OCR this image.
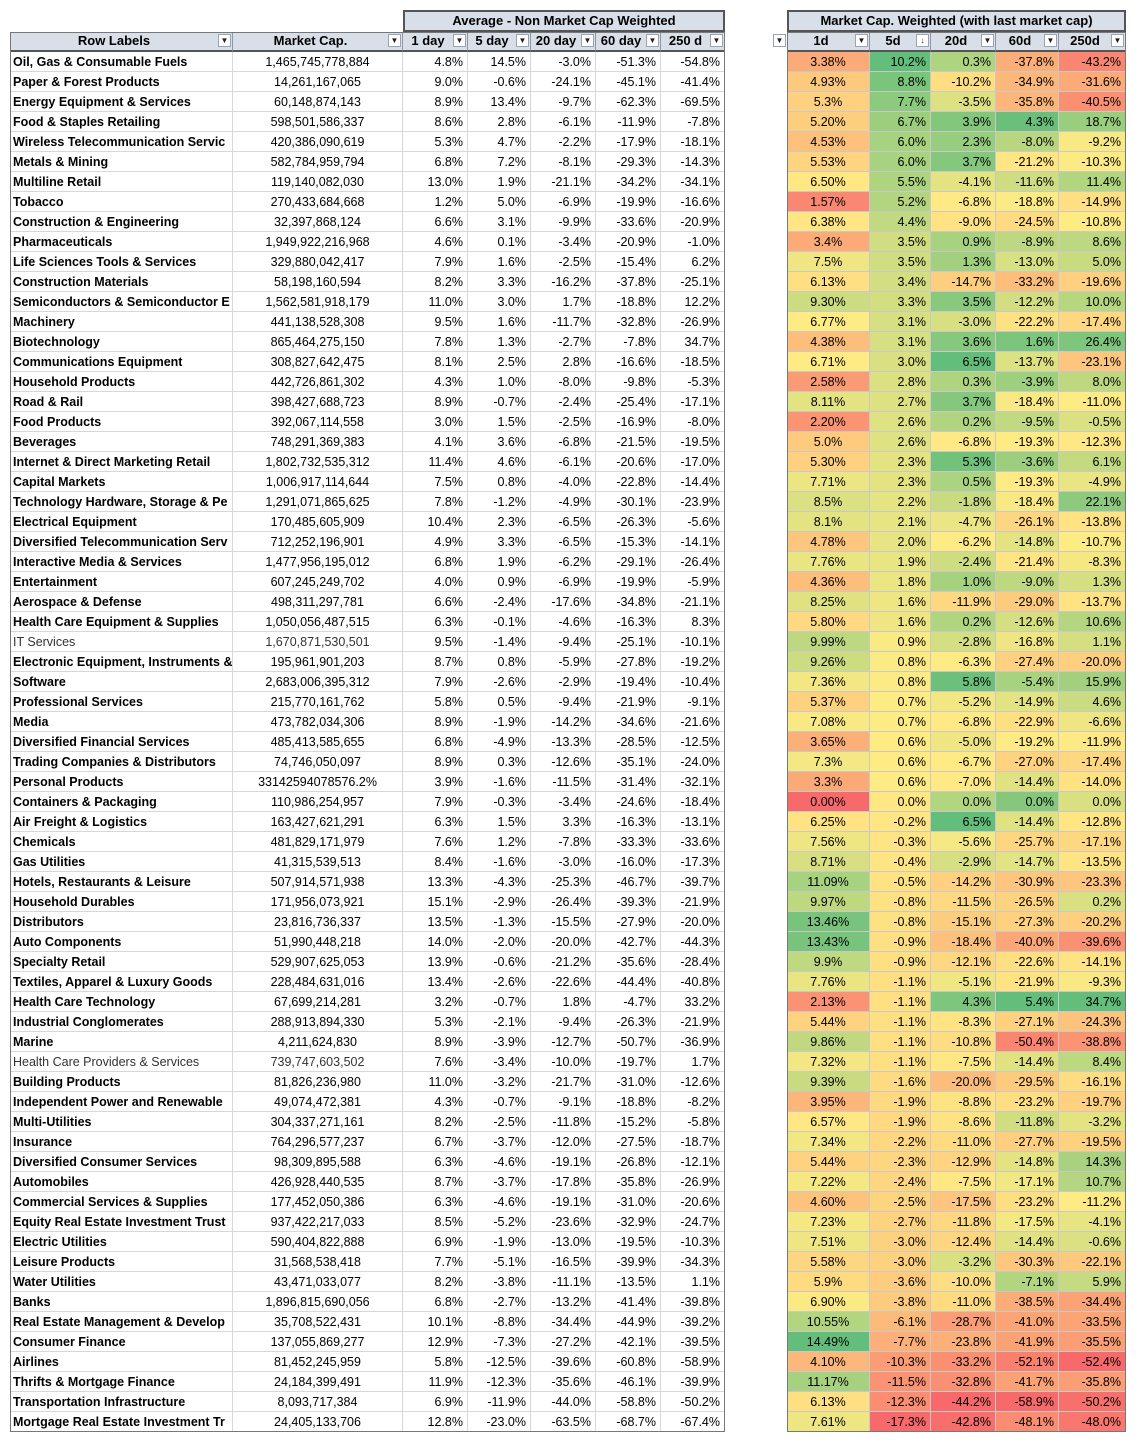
Average - Non Market Cap Weighted	Market Cap. Weighted (with last market cap)
Row Labels	▼	Market Cap.	▼ 1 day	▼ 5 day	▼ 20 day ▼ 60 day ▼ 250 d	▼	▼	1d	▼	5d	↓	20d	▼	60d	▼	250d	▼
Oil, Gas & Consumable Fuels	1,465,745,778,884	4.8%	14.5%	-3.0%	-51.3%	-54.8%	3.38%	10.2%	0.3%	-37.8%	-43.2%
Paper & Forest Products	14,261,167,065	9.0%	-0.6%	-24.1%	-45.1%	-41.4%	4.93%	8.8%	-10.2%	-34.9%	-31.6%
Energy Equipment & Services	60,148,874,143	8.9%	13.4%	-9.7%	-62.3%	-69.5%	5.3%	7.7%	-3.5%	-35.8%	-40.5%
Food & Staples Retailing	598,501,586,337	8.6%	2.8%	-6.1%	-11.9%	-7.8%	5.20%	6.7%	3.9%	4.3%	18.7%
Wireless Telecommunication Servic	420,386,090,619	5.3%	4.7%	-2.2%	-17.9%	-18.1%	4.53%	6.0%	2.3%	-8.0%	-9.2%
Metals & Mining	582,784,959,794	6.8%	7.2%	-8.1%	-29.3%	-14.3%	5.53%	6.0%	3.7%	-21.2%	-10.3%
Multiline Retail	119,140,082,030	13.0%	1.9%	-21.1%	-34.2%	-34.1%	6.50%	5.5%	-4.1%	-11.6%	11.4%
Tobacco	270,433,684,668	1.2%	5.0%	-6.9%	-19.9%	-16.6%	1.57%	5.2%	-6.8%	-18.8%	-14.9%
Construction & Engineering	32,397,868,124	6.6%	3.1%	-9.9%	-33.6%	-20.9%	6.38%	4.4%	-9.0%	-24.5%	-10.8%
Pharmaceuticals	1,949,922,216,968	4.6%	0.1%	-3.4%	-20.9%	-1.0%	3.4%	3.5%	0.9%	-8.9%	8.6%
Life Sciences Tools & Services	329,880,042,417	7.9%	1.6%	-2.5%	-15.4%	6.2%	7.5%	3.5%	1.3%	-13.0%	5.0%
Construction Materials	58,198,160,594	8.2%	3.3%	-16.2%	-37.8%	-25.1%	6.13%	3.4%	-14.7%	-33.2%	-19.6%
Semiconductors & Semiconductor E	1,562,581,918,179	11.0%	3.0%	1.7%	-18.8%	12.2%	9.30%	3.3%	3.5%	-12.2%	10.0%
Machinery	441,138,528,308	9.5%	1.6%	-11.7%	-32.8%	-26.9%	6.77%	3.1%	-3.0%	-22.2%	-17.4%
Biotechnology	865,464,275,150	7.8%	1.3%	-2.7%	-7.8%	34.7%	4.38%	3.1%	3.6%	1.6%	26.4%
Communications Equipment	308,827,642,475	8.1%	2.5%	2.8%	-16.6%	-18.5%	6.71%	3.0%	6.5%	-13.7%	-23.1%
Household Products	442,726,861,302	4.3%	1.0%	-8.0%	-9.8%	-5.3%	2.58%	2.8%	0.3%	-3.9%	8.0%
Road & Rail	398,427,688,723	8.9%	-0.7%	-2.4%	-25.4%	-17.1%	8.11%	2.7%	3.7%	-18.4%	-11.0%
Food Products	392,067,114,558	3.0%	1.5%	-2.5%	-16.9%	-8.0%	2.20%	2.6%	0.2%	-9.5%	-0.5%
Beverages	748,291,369,383	4.1%	3.6%	-6.8%	-21.5%	-19.5%	5.0%	2.6%	-6.8%	-19.3%	-12.3%
Internet & Direct Marketing Retail	1,802,732,535,312	11.4%	4.6%	-6.1%	-20.6%	-17.0%	5.30%	2.3%	5.3%	-3.6%	6.1%
Capital Markets	1,006,917,114,644	7.5%	0.8%	-4.0%	-22.8%	-14.4%	7.71%	2.3%	0.5%	-19.3%	-4.9%
Technology Hardware, Storage & Pe	1,291,071,865,625	7.8%	-1.2%	-4.9%	-30.1%	-23.9%	8.5%	2.2%	-1.8%	-18.4%	22.1%
Electrical Equipment	170,485,605,909	10.4%	2.3%	-6.5%	-26.3%	-5.6%	8.1%	2.1%	-4.7%	-26.1%	-13.8%
Diversified Telecommunication Serv	712,252,196,901	4.9%	3.3%	-6.5%	-15.3%	-14.1%	4.78%	2.0%	-6.2%	-14.8%	-10.7%
Interactive Media & Services	1,477,956,195,012	6.8%	1.9%	-6.2%	-29.1%	-26.4%	7.76%	1.9%	-2.4%	-21.4%	-8.3%
Entertainment	607,245,249,702	4.0%	0.9%	-6.9%	-19.9%	-5.9%	4.36%	1.8%	1.0%	-9.0%	1.3%
Aerospace & Defense	498,311,297,781	6.6%	-2.4%	-17.6%	-34.8%	-21.1%	8.25%	1.6%	-11.9%	-29.0%	-13.7%
Health Care Equipment & Supplies	1,050,056,487,515	6.3%	-0.1%	-4.6%	-16.3%	8.3%	5.80%	1.6%	0.2%	-12.6%	10.6%
IT Services	1,670,871,530,501	9.5%	-1.4%	-9.4%	-25.1%	-10.1%	9.99%	0.9%	-2.8%	-16.8%	1.1%
Electronic Equipment, Instruments &	195,961,901,203	8.7%	0.8%	-5.9%	-27.8%	-19.2%	9.26%	0.8%	-6.3%	-27.4%	-20.0%
Software	2,683,006,395,312	7.9%	-2.6%	-2.9%	-19.4%	-10.4%	7.36%	0.8%	5.8%	-5.4%	15.9%
Professional Services	215,770,161,762	5.8%	0.5%	-9.4%	-21.9%	-9.1%	5.37%	0.7%	-5.2%	-14.9%	4.6%
Media	473,782,034,306	8.9%	-1.9%	-14.2%	-34.6%	-21.6%	7.08%	0.7%	-6.8%	-22.9%	-6.6%
Diversified Financial Services	485,413,585,655	6.8%	-4.9%	-13.3%	-28.5%	-12.5%	3.65%	0.6%	-5.0%	-19.2%	-11.9%
Trading Companies & Distributors	74,746,050,097	8.9%	0.3%	-12.6%	-35.1%	-24.0%	7.3%	0.6%	-6.7%	-27.0%	-17.4%
Personal Products	33142594078576.2%	3.9%	-1.6%	-11.5%	-31.4%	-32.1%	3.3%	0.6%	-7.0%	-14.4%	-14.0%
Containers & Packaging	110,986,254,957	7.9%	-0.3%	-3.4%	-24.6%	-18.4%	0.00%	0.0%	0.0%	0.0%	0.0%
Air Freight & Logistics	163,427,621,291	6.3%	1.5%	3.3%	-16.3%	-13.1%	6.25%	-0.2%	6.5%	-14.4%	-12.8%
Chemicals	481,829,171,979	7.6%	1.2%	-7.8%	-33.3%	-33.6%	7.56%	-0.3%	-5.6%	-25.7%	-17.1%
Gas Utilities	41,315,539,513	8.4%	-1.6%	-3.0%	-16.0%	-17.3%	8.71%	-0.4%	-2.9%	-14.7%	-13.5%
Hotels, Restaurants & Leisure	507,914,571,938	13.3%	-4.3%	-25.3%	-46.7%	-39.7%	11.09%	-0.5%	-14.2%	-30.9%	-23.3%
Household Durables	171,956,073,921	15.1%	-2.9%	-26.4%	-39.3%	-21.9%	9.97%	-0.8%	-11.5%	-26.5%	0.2%
Distributors	23,816,736,337	13.5%	-1.3%	-15.5%	-27.9%	-20.0%	13.46%	-0.8%	-15.1%	-27.3%	-20.2%
Auto Components	51,990,448,218	14.0%	-2.0%	-20.0%	-42.7%	-44.3%	13.43%	-0.9%	-18.4%	-40.0%	-39.6%
Specialty Retail	529,907,625,053	13.9%	-0.6%	-21.2%	-35.6%	-28.4%	9.9%	-0.9%	-12.1%	-22.6%	-14.1%
Textiles, Apparel & Luxury Goods	228,484,631,016	13.4%	-2.6%	-22.6%	-44.4%	-40.8%	7.76%	-1.1%	-5.1%	-21.9%	-9.3%
Health Care Technology	67,699,214,281	3.2%	-0.7%	1.8%	-4.7%	33.2%	2.13%	-1.1%	4.3%	5.4%	34.7%
Industrial Conglomerates	288,913,894,330	5.3%	-2.1%	-9.4%	-26.3%	-21.9%	5.44%	-1.1%	-8.3%	-27.1%	-24.3%
Marine	4,211,624,830	8.9%	-3.9%	-12.7%	-50.7%	-36.9%	9.86%	-1.1%	-10.8%	-50.4%	-38.8%
Health Care Providers & Services	739,747,603,502	7.6%	-3.4%	-10.0%	-19.7%	1.7%	7.32%	-1.1%	-7.5%	-14.4%	8.4%
Building Products	81,826,236,980	11.0%	-3.2%	-21.7%	-31.0%	-12.6%	9.39%	-1.6%	-20.0%	-29.5%	-16.1%
Independent Power and Renewable	49,074,472,381	4.3%	-0.7%	-9.1%	-18.8%	-8.2%	3.95%	-1.9%	-8.8%	-23.2%	-19.7%
Multi-Utilities	304,337,271,161	8.2%	-2.5%	-11.8%	-15.2%	-5.8%	6.57%	-1.9%	-8.6%	-11.8%	-3.2%
Insurance	764,296,577,237	6.7%	-3.7%	-12.0%	-27.5%	-18.7%	7.34%	-2.2%	-11.0%	-27.7%	-19.5%
Diversified Consumer Services	98,309,895,588	6.3%	-4.6%	-19.1%	-26.8%	-12.1%	5.44%	-2.3%	-12.9%	-14.8%	14.3%
Automobiles	426,928,440,535	8.7%	-3.7%	-17.8%	-35.8%	-26.9%	7.22%	-2.4%	-7.5%	-17.1%	10.7%
Commercial Services & Supplies	177,452,050,386	6.3%	-4.6%	-19.1%	-31.0%	-20.6%	4.60%	-2.5%	-17.5%	-23.2%	-11.2%
Equity Real Estate Investment Trust	937,422,217,033	8.5%	-5.2%	-23.6%	-32.9%	-24.7%	7.23%	-2.7%	-11.8%	-17.5%	-4.1%
Electric Utilities	590,404,822,888	6.9%	-1.9%	-13.0%	-19.5%	-10.3%	7.51%	-3.0%	-12.4%	-14.4%	-0.6%
Leisure Products	31,568,538,418	7.7%	-5.1%	-16.5%	-39.9%	-34.3%	5.58%	-3.0%	-3.2%	-30.3%	-22.1%
Water Utilities	43,471,033,077	8.2%	-3.8%	-11.1%	-13.5%	1.1%	5.9%	-3.6%	-10.0%	-7.1%	5.9%
Banks	1,896,815,690,056	6.8%	-2.7%	-13.2%	-41.4%	-39.8%	6.90%	-3.8%	-11.0%	-38.5%	-34.4%
Real Estate Management & Develop	35,708,522,431	10.1%	-8.8%	-34.4%	-44.9%	-39.2%	10.55%	-6.1%	-28.7%	-41.0%	-33.5%
Consumer Finance	137,055,869,277	12.9%	-7.3%	-27.2%	-42.1%	-39.5%	14.49%	-7.7%	-23.8%	-41.9%	-35.5%
Airlines	81,452,245,959	5.8%	-12.5%	-39.6%	-60.8%	-58.9%	4.10%	-10.3%	-33.2%	-52.1%	-52.4%
Thrifts & Mortgage Finance	24,184,399,491	11.9%	-12.3%	-35.6%	-46.1%	-39.9%	11.17%	-11.5%	-32.8%	-41.7%	-35.8%
Transportation Infrastructure	8,093,717,384	6.9%	-11.9%	-44.0%	-58.8%	-50.2%	6.13%	-12.3%	-44.2%	-58.9%	-50.2%
Mortgage Real Estate Investment Tr	24,405,133,706	12.8%	-23.0%	-63.5%	-68.7%	-67.4%	7.61%	-17.3%	-42.8%	-48.1%	-48.0%
